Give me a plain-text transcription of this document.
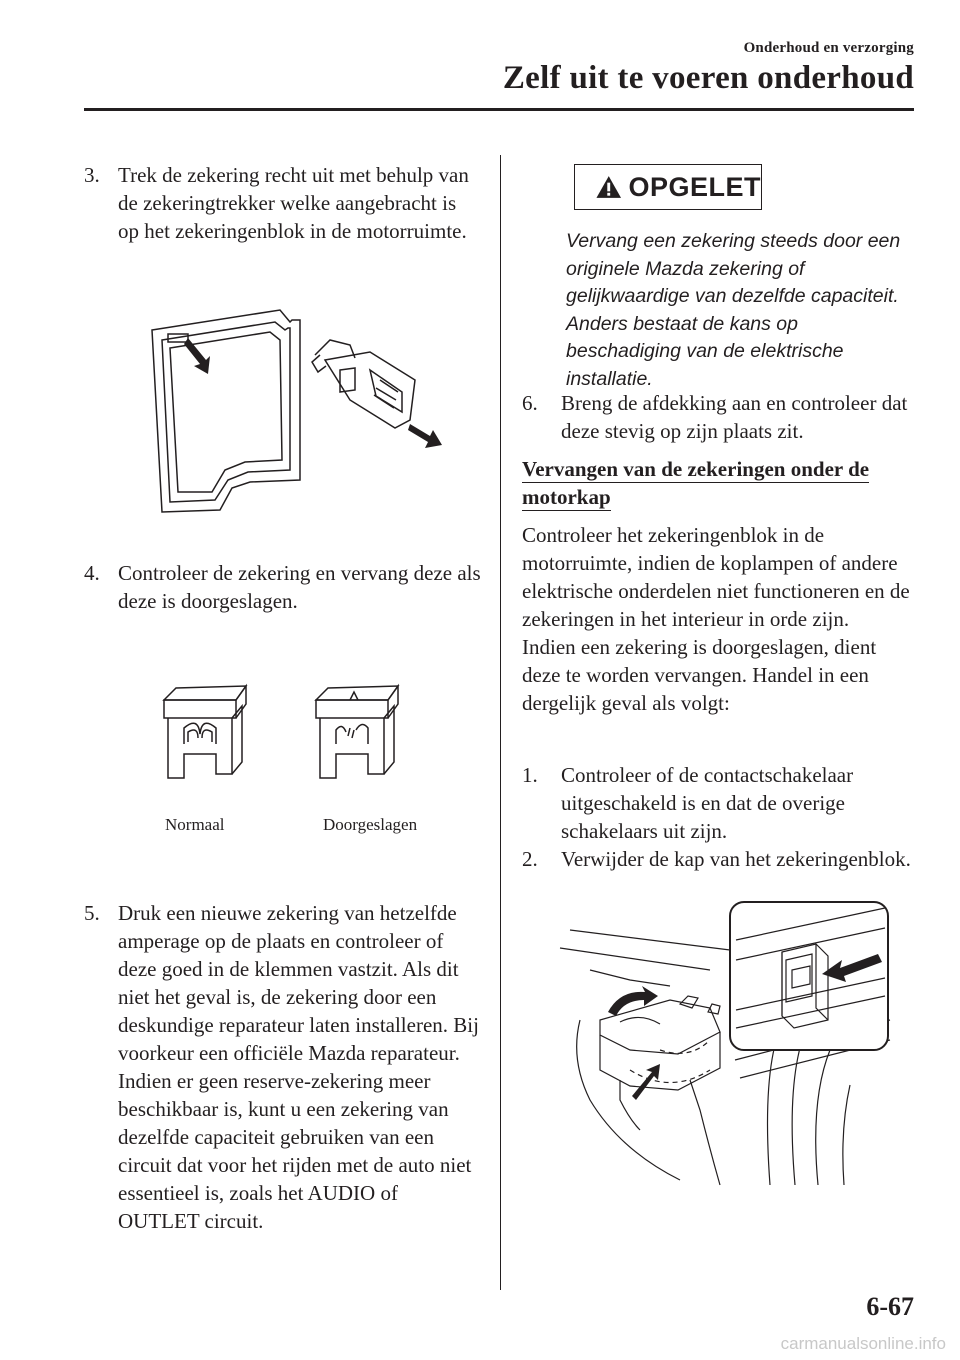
Onderhoud en verzorging
Zelf uit te voeren onderhoud
3. Trek de zekering recht uit met behulp van de zekeringtrekker welke aangebracht is op het zekeringenblok in de motorruimte.
4. Controleer de zekering en vervang deze als deze is doorgeslagen.
Normaal	Doorgeslagen
5. Druk een nieuwe zekering van hetzelfde amperage op de plaats en controleer of deze goed in de klemmen vastzit. Als dit niet het geval is, de zekering door een deskundige reparateur laten installeren. Bij voorkeur een officiële Mazda reparateur.
Indien er geen reserve-zekering meer beschikbaar is, kunt u een zekering van dezelfde capaciteit gebruiken van een circuit dat voor het rijden met de auto niet essentieel is, zoals het AUDIO of OUTLET circuit.
OPGELET
Vervang een zekering steeds door een originele Mazda zekering of gelijkwaardige van dezelfde capaciteit. Anders bestaat de kans op beschadiging van de elektrische installatie.
6.	Breng de afdekking aan en controleer dat deze stevig op zijn plaats zit.
Vervangen van de zekeringen onder de motorkap
Controleer het zekeringenblok in de motorruimte, indien de koplampen of andere elektrische onderdelen niet functioneren en de zekeringen in het interieur in orde zijn.
Indien een zekering is doorgeslagen, dient deze te worden vervangen. Handel in een dergelijk geval als volgt:
1.	Controleer of de contactschakelaar uitgeschakeld is en dat de overige schakelaars uit zijn.
2.	Verwijder de kap van het zekeringenblok.
6-67
carmanualsonline.info
